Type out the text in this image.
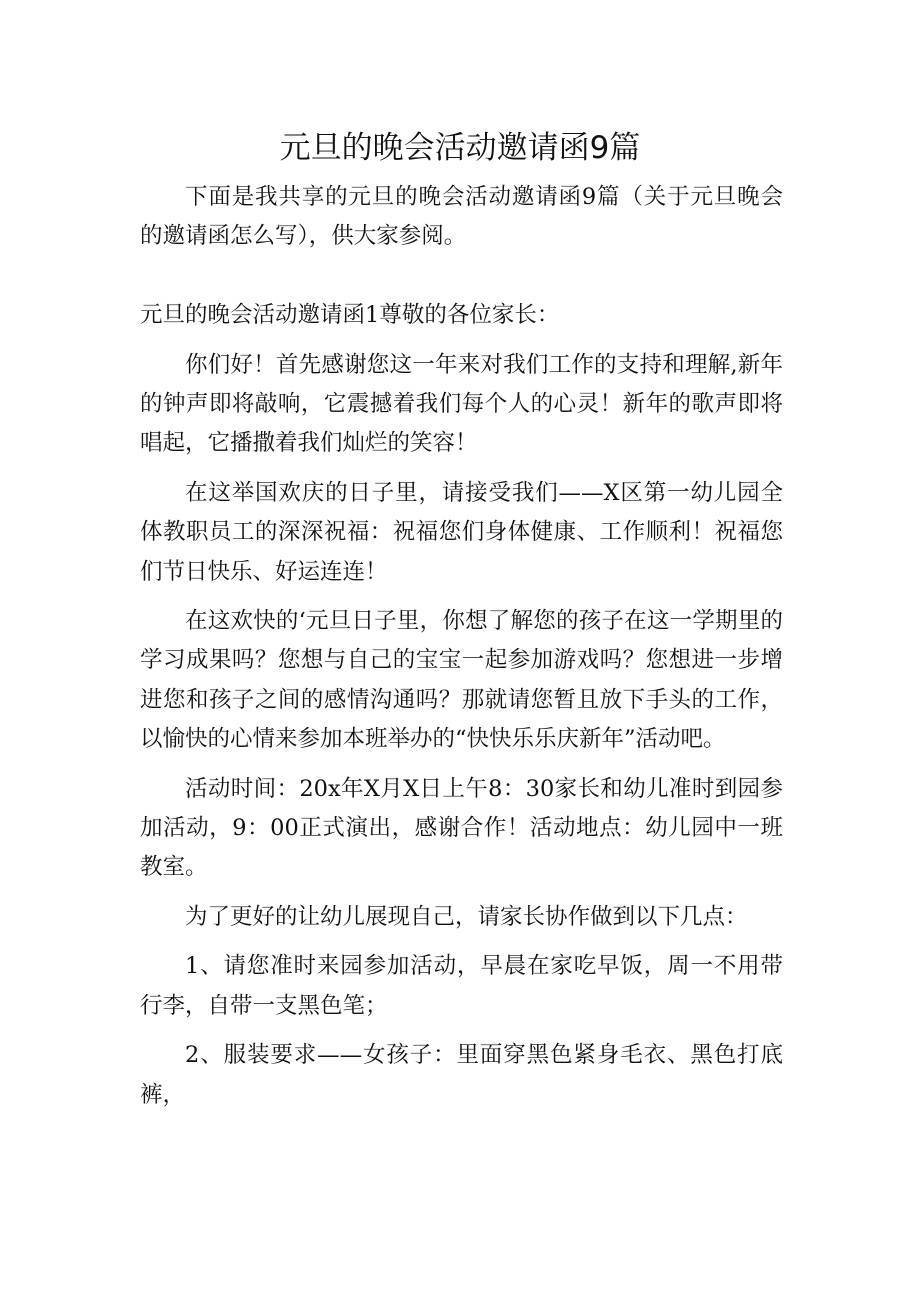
元旦的晚会活动邀请函9篇

下面是我共享的元旦的晚会活动邀请函9篇（关于元旦晚会的邀请函怎么写），供大家参阅。

元旦的晚会活动邀请函1尊敬的各位家长：

你们好！首先感谢您这一年来对我们工作的支持和理解,新年的钟声即将敲响，它震撼着我们每个人的心灵！新年的歌声即将唱起，它播撒着我们灿烂的笑容！

在这举国欢庆的日子里，请接受我们——X区第一幼儿园全体教职员工的深深祝福：祝福您们身体健康、工作顺利！祝福您们节日快乐、好运连连！

在这欢快的‘元旦日子里，你想了解您的孩子在这一学期里的学习成果吗？您想与自己的宝宝一起参加游戏吗？您想进一步增进您和孩子之间的感情沟通吗？那就请您暂且放下手头的工作，以愉快的心情来参加本班举办的“快快乐乐庆新年”活动吧。

活动时间：20x年X月X日上午8：30家长和幼儿准时到园参加活动，9：00正式演出，感谢合作！活动地点：幼儿园中一班教室。

为了更好的让幼儿展现自己，请家长协作做到以下几点：

1、请您准时来园参加活动，早晨在家吃早饭，周一不用带行李，自带一支黑色笔；

2、服装要求——女孩子：里面穿黑色紧身毛衣、黑色打底裤，
